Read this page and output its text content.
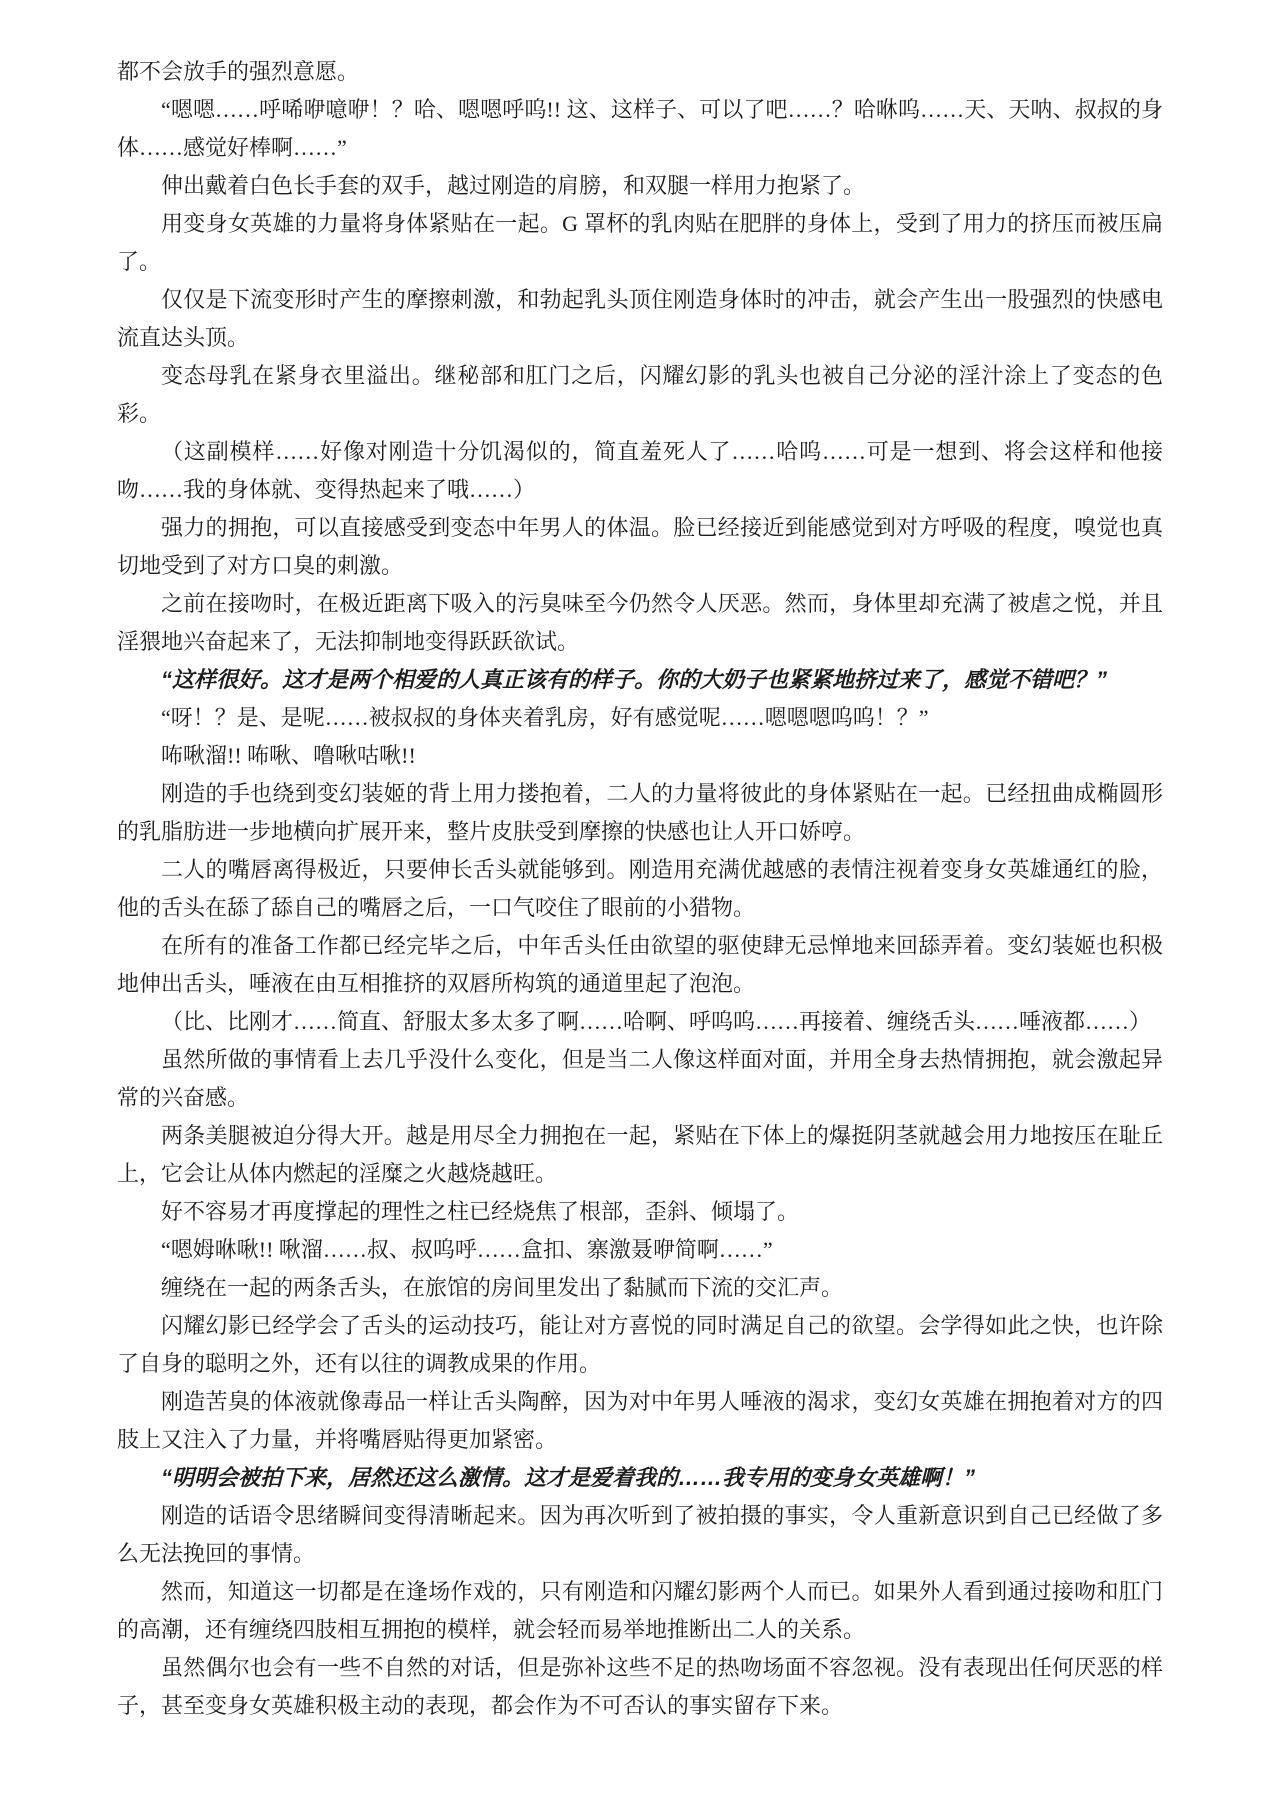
都不会放手的强烈意愿。

“嗯嗯……呼唏咿噫咿！？哈、嗯嗯呼呜!! 这、这样子、可以了吧……？哈咻呜……天、天呐、叔叔的身体……感觉好棒啊……”

伸出戴着白色长手套的双手，越过刚造的肩膀，和双腿一样用力抱紧了。

用变身女英雄的力量将身体紧贴在一起。G 罩杯的乳肉贴在肥胖的身体上，受到了用力的挤压而被压扁了。

仅仅是下流变形时产生的摩擦刺激，和勃起乳头顶住刚造身体时的冲击，就会产生出一股强烈的快感电流直达头顶。

变态母乳在紧身衣里溢出。继秘部和肛门之后，闪耀幻影的乳头也被自己分泌的淫汁涂上了变态的色彩。

（这副模样……好像对刚造十分饥渴似的，简直羞死人了……哈呜……可是一想到、将会这样和他接吻……我的身体就、变得热起来了哦……）

强力的拥抱，可以直接感受到变态中年男人的体温。脸已经接近到能感觉到对方呼吸的程度，嗅觉也真切地受到了对方口臭的刺激。

之前在接吻时，在极近距离下吸入的污臭味至今仍然令人厌恶。然而，身体里却充满了被虐之悦，并且淫猥地兴奋起来了，无法抑制地变得跃跃欲试。

“这样很好。这才是两个相爱的人真正该有的样子。你的大奶子也紧紧地挤过来了，感觉不错吧？”

“呀！？是、是呢……被叔叔的身体夹着乳房，好有感觉呢……嗯嗯嗯呜呜！？”

咘啾溜!! 咘啾、噜啾咕啾!!

刚造的手也绕到变幻装姬的背上用力搂抱着，二人的力量将彼此的身体紧贴在一起。已经扭曲成椭圆形的乳脂肪进一步地横向扩展开来，整片皮肤受到摩擦的快感也让人开口娇哼。

二人的嘴唇离得极近，只要伸长舌头就能够到。刚造用充满优越感的表情注视着变身女英雄通红的脸，他的舌头在舔了舔自己的嘴唇之后，一口气咬住了眼前的小猎物。

在所有的准备工作都已经完毕之后，中年舌头任由欲望的驱使肆无忌惮地来回舔弄着。变幻装姬也积极地伸出舌头，唾液在由互相推挤的双唇所构筑的通道里起了泡泡。

（比、比刚才……简直、舒服太多太多了啊……哈啊、呼呜呜……再接着、缠绕舌头……唾液都……）

虽然所做的事情看上去几乎没什么变化，但是当二人像这样面对面，并用全身去热情拥抱，就会激起异常的兴奋感。

两条美腿被迫分得大开。越是用尽全力拥抱在一起，紧贴在下体上的爆挺阴茎就越会用力地按压在耻丘上，它会让从体内燃起的淫糜之火越烧越旺。

好不容易才再度撑起的理性之柱已经烧焦了根部，歪斜、倾塌了。

“嗯姆咻啾!! 啾溜……叔、叔呜呼……盒扣、寨激聂咿简啊……”

缠绕在一起的两条舌头，在旅馆的房间里发出了黏腻而下流的交汇声。

闪耀幻影已经学会了舌头的运动技巧，能让对方喜悦的同时满足自己的欲望。会学得如此之快，也许除了自身的聪明之外，还有以往的调教成果的作用。

刚造苦臭的体液就像毒品一样让舌头陶醉，因为对中年男人唾液的渴求，变幻女英雄在拥抱着对方的四肢上又注入了力量，并将嘴唇贴得更加紧密。

“明明会被拍下来，居然还这么激情。这才是爱着我的……我专用的变身女英雄啊！”

刚造的话语令思绪瞬间变得清晰起来。因为再次听到了被拍摄的事实，令人重新意识到自己已经做了多么无法挽回的事情。

然而，知道这一切都是在逢场作戏的，只有刚造和闪耀幻影两个人而已。如果外人看到通过接吻和肛门的高潮，还有缠绕四肢相互拥抱的模样，就会轻而易举地推断出二人的关系。

虽然偶尔也会有一些不自然的对话，但是弥补这些不足的热吻场面不容忽视。没有表现出任何厌恶的样子，甚至变身女英雄积极主动的表现，都会作为不可否认的事实留存下来。
